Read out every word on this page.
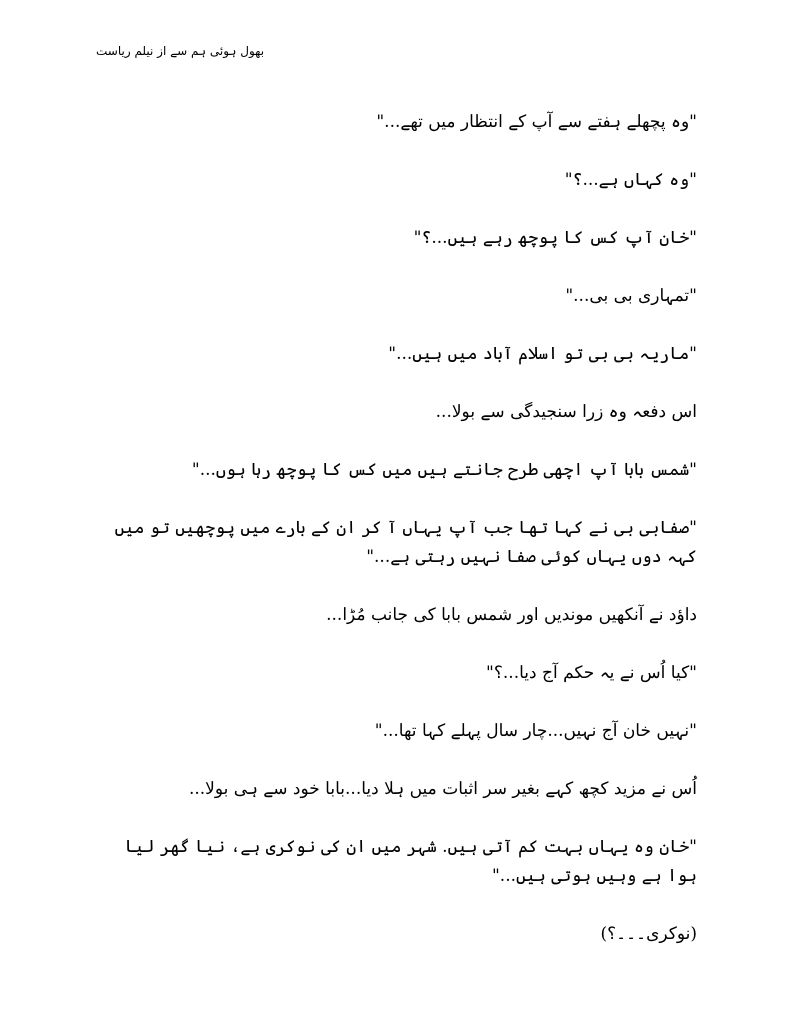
بھول ہوئی ہم سے از نیلم ریاست

"وہ پچھلے ہفتے سے آپ کے انتظار میں تھے..."

"وہ کہاں ہے...؟"

"خان آپ کس کا پوچھ رہے ہیں...؟"

"تمہاری بی بی..."

"ماریہ بی بی تو اسلام آباد میں ہیں..."

اس دفعہ وہ زرا سنجیدگی سے بولا...

"شمس بابا آپ اچھی طرح جانتے ہیں میں کس کا پوچھ رہا ہوں..."

"صفابی بی نے کہا تھا جب آپ یہاں آ کر ان کے بارے میں پوچھیں تو میں کہہ دوں یہاں کوئی صفا نہیں رہتی ہے..."

داؤد نے آنکھیں موندیں اور شمس بابا کی جانب مُڑا...

"کیا اُس نے یہ حکم آج دیا...؟"

"نہیں خان آج نہیں...چار سال پہلے کہا تھا..."

اُس نے مزید کچھ کہے بغیر سر اثبات میں ہلا دیا...بابا خود سے ہی بولا...

"خان وہ یہاں بہت کم آتی ہیں. شہر میں ان کی نوکری ہے، نیا گھر لیا ہوا ہے وہیں ہوتی ہیں..."

(نوکری۔۔۔؟)
